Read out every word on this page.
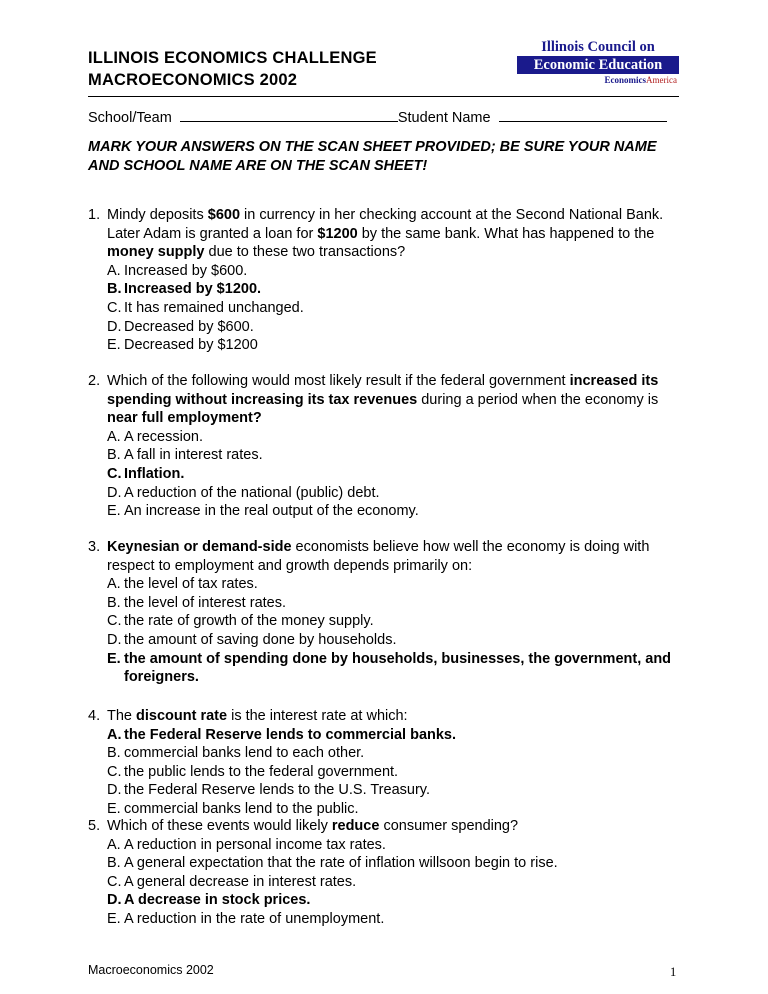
ILLINOIS ECONOMICS CHALLENGE
MACROECONOMICS 2002
Illinois Council on
Economic Education
EconomicsAmerica
School/Team	Student Name
MARK YOUR ANSWERS ON THE SCAN SHEET PROVIDED; BE SURE YOUR NAME AND SCHOOL NAME ARE ON THE SCAN SHEET!
1. Mindy deposits $600 in currency in her checking account at the Second National Bank. Later Adam is granted a loan for $1200 by the same bank. What has happened to the money supply due to these two transactions?
A. Increased by $600.
B. Increased by $1200.
C. It has remained unchanged.
D. Decreased by $600.
E. Decreased by $1200
2. Which of the following would most likely result if the federal government increased its spending without increasing its tax revenues during a period when the economy is near full employment?
A. A recession.
B. A fall in interest rates.
C. Inflation.
D. A reduction of the national (public) debt.
E. An increase in the real output of the economy.
3. Keynesian or demand-side economists believe how well the economy is doing with respect to employment and growth depends primarily on:
A. the level of tax rates.
B. the level of interest rates.
C. the rate of growth of the money supply.
D. the amount of saving done by households.
E. the amount of spending done by households, businesses, the government, and foreigners.
4. The discount rate is the interest rate at which:
A. the Federal Reserve lends to commercial banks.
B. commercial banks lend to each other.
C. the public lends to the federal government.
D. the Federal Reserve lends to the U.S. Treasury.
E. commercial banks lend to the public.
5. Which of these events would likely reduce consumer spending?
A. A reduction in personal income tax rates.
B. A general expectation that the rate of inflation willsoon begin to rise.
C. A general decrease in interest rates.
D. A decrease in stock prices.
E. A reduction in the rate of unemployment.
Macroeconomics 2002	1
